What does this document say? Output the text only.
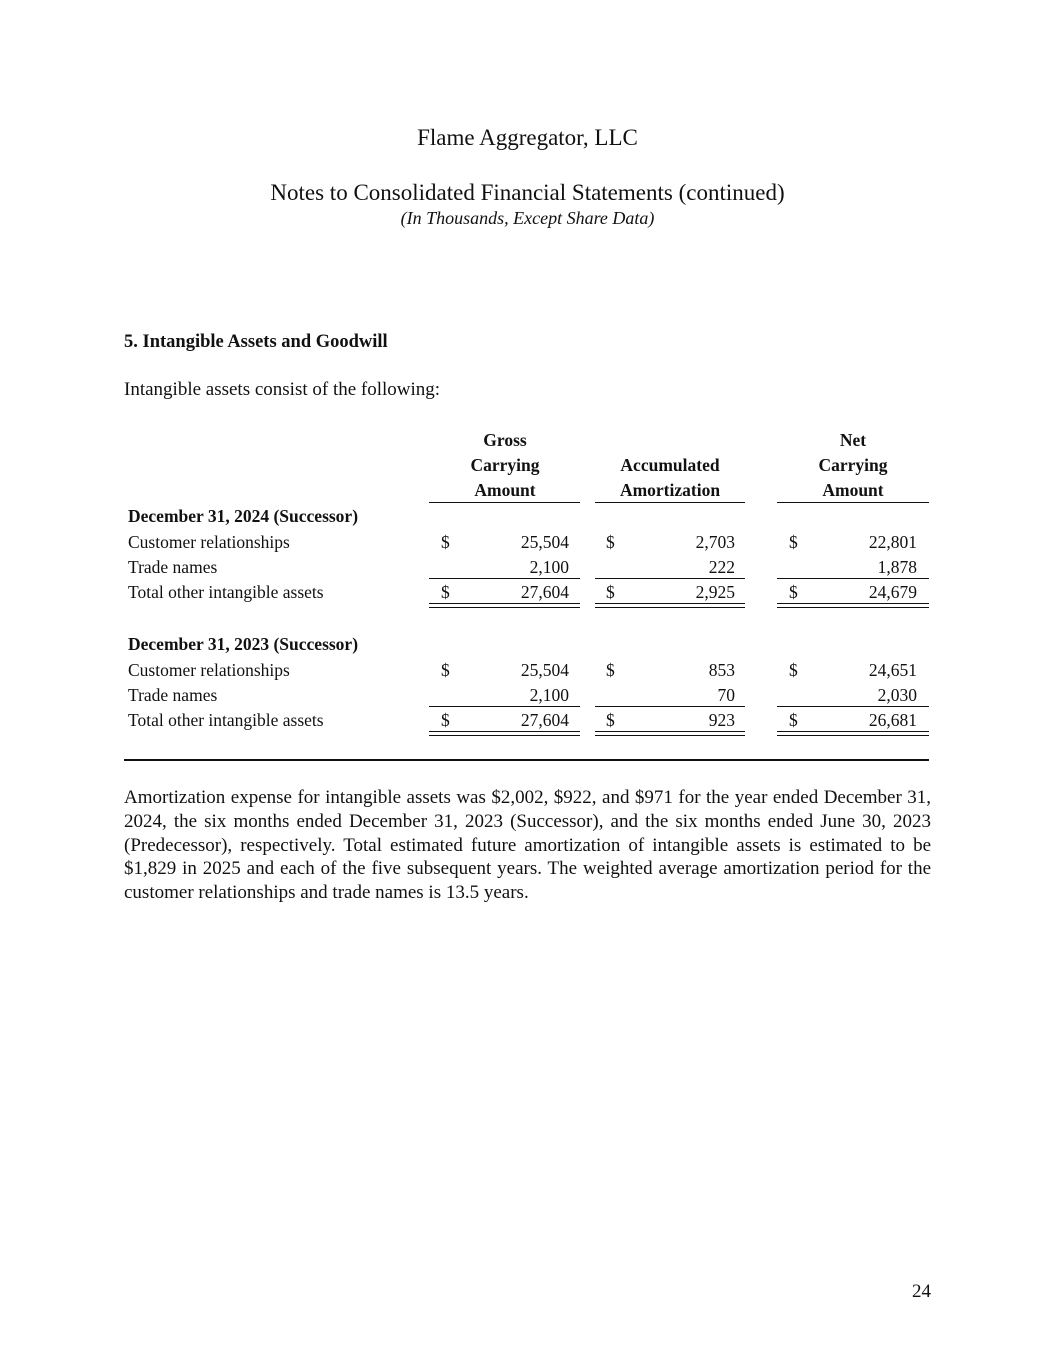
Flame Aggregator, LLC
Notes to Consolidated Financial Statements (continued)
(In Thousands, Except Share Data)
5. Intangible Assets and Goodwill
Intangible assets consist of the following:
Gross
Carrying
Amount
Accumulated
Amortization
Net
Carrying
Amount
December 31, 2024 (Successor)
Customer relationships	$	25,504 $	2,703	$	22,801
Trade names	2,100	222	1,878
Total other intangible assets	$	27,604 $	2,925	$	24,679
December 31, 2023 (Successor)
Customer relationships	$	25,504 $	853	$	24,651
Trade names	2,100	70	2,030
Total other intangible assets	$	27,604 $	923	$	26,681
Amortization expense for intangible assets was $2,002, $922, and $971 for the year ended December 31, 2024, the six months ended December 31, 2023 (Successor), and the six months ended June 30, 2023 (Predecessor), respectively. Total estimated future amortization of intangible assets is estimated to be $1,829 in 2025 and each of the five subsequent years. The weighted average amortization period for the customer relationships and trade names is 13.5 years.
24
